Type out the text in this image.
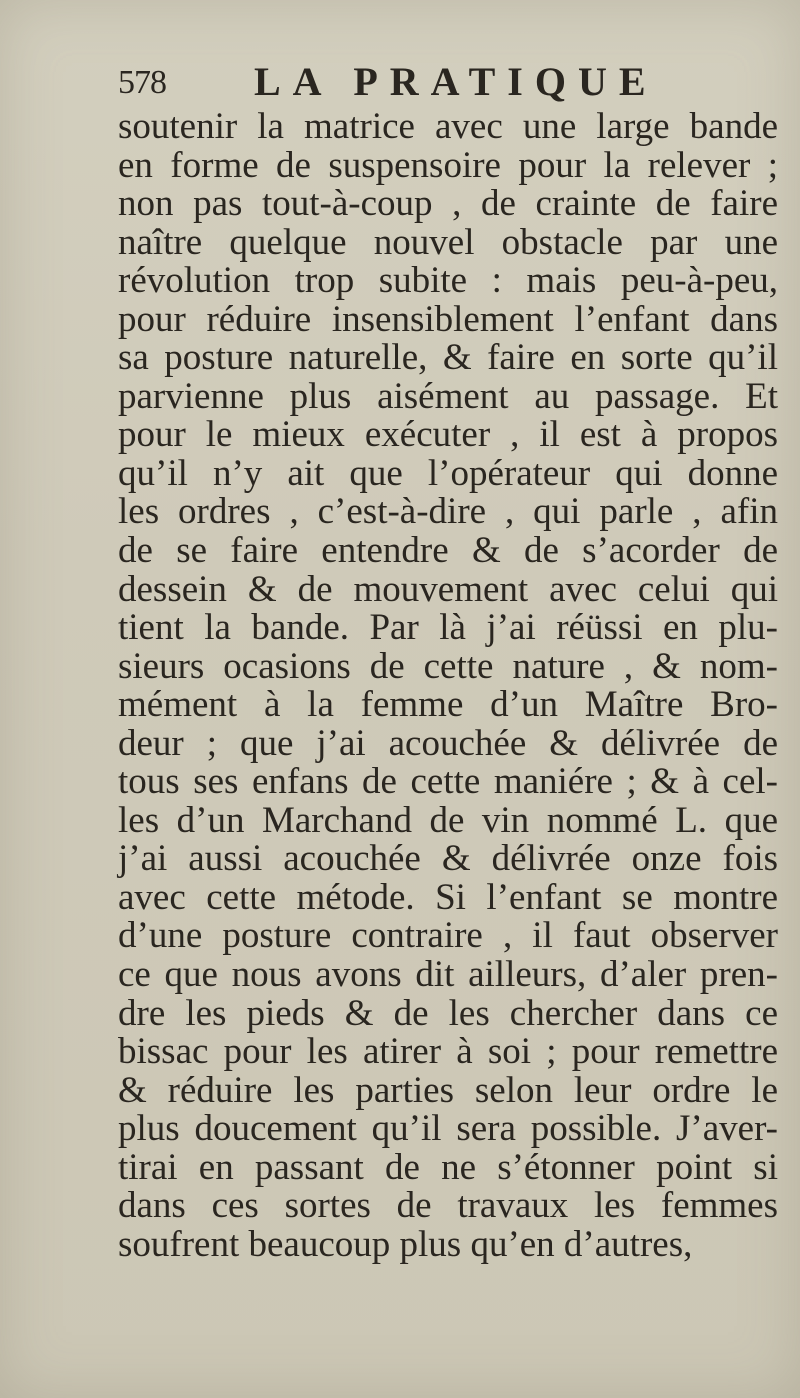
578 LA PRATIQUE
soutenir la matrice avec une large bande
en forme de suspensoire pour la relever ;
non pas tout-à-coup , de crainte de faire
naître quelque nouvel obstacle par une
révolution trop subite : mais peu-à-peu,
pour réduire insensiblement l’enfant dans
sa posture naturelle, & faire en sorte qu’il
parvienne plus aisément au passage. Et
pour le mieux exécuter , il est à propos
qu’il n’y ait que l’opérateur qui donne
les ordres , c’est-à-dire , qui parle , afin
de se faire entendre & de s’acorder de
dessein & de mouvement avec celui qui
tient la bande. Par là j’ai réüssi en plu-
sieurs ocasions de cette nature , & nom-
mément à la femme d’un Maître Bro-
deur ; que j’ai acouchée & délivrée de
tous ses enfans de cette maniére ; & à cel-
les d’un Marchand de vin nommé L. que
j’ai aussi acouchée & délivrée onze fois
avec cette métode. Si l’enfant se montre
d’une posture contraire , il faut observer
ce que nous avons dit ailleurs, d’aler pren-
dre les pieds & de les chercher dans ce
bissac pour les atirer à soi ; pour remettre
& réduire les parties selon leur ordre le
plus doucement qu’il sera possible. J’aver-
tirai en passant de ne s’étonner point si
dans ces sortes de travaux les femmes
soufrent beaucoup plus qu’en d’autres,
